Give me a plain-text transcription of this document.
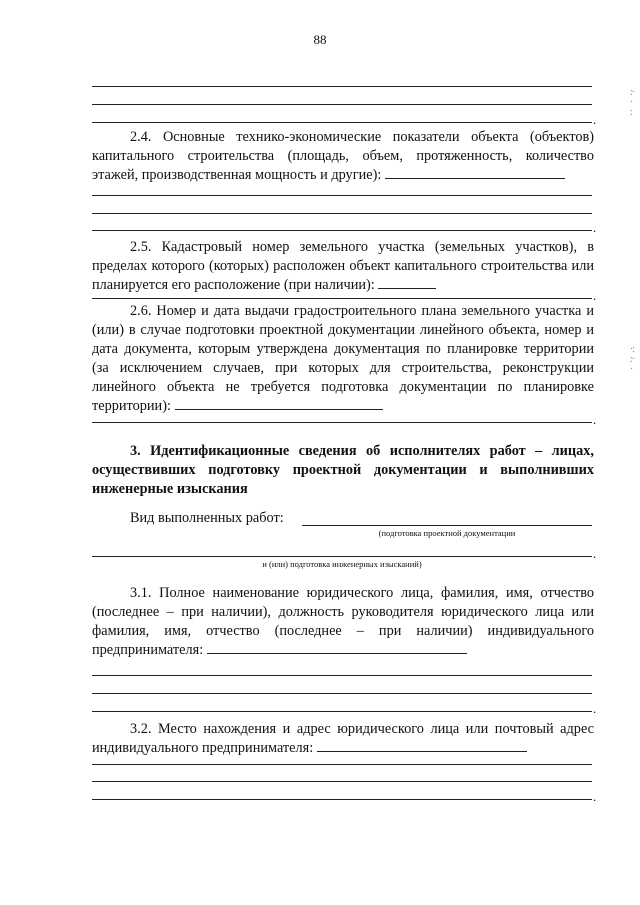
88
.
2.4. Основные технико-экономические показатели объекта (объектов) капитального строительства (площадь, объем, протяженность, количество этажей, производственная мощность и другие):
.
2.5. Кадастровый номер земельного участка (земельных участков), в пределах которого (которых) расположен объект капитального строительства или планируется его расположение (при наличии):
.
2.6. Номер и дата выдачи градостроительного плана земельного участка и (или) в случае подготовки проектной документации линейного объекта, номер и дата документа, которым утверждена документация по планировке территории (за исключением случаев, при которых для строительства, реконструкции линейного объекта не требуется подготовка документации по планировке территории):
.
3. Идентификационные сведения об исполнителях работ – лицах, осуществивших подготовку проектной документации и выполнивших инженерные изыскания
Вид выполненных работ:
(подготовка проектной документации
.
и (или) подготовка инженерных изысканий)
3.1. Полное наименование юридического лица, фамилия, имя, отчество (последнее – при наличии), должность руководителя юридического лица или фамилия, имя, отчество (последнее – при наличии) индивидуального предпринимателя:
.
3.2. Место нахождения и адрес юридического лица или почтовый адрес индивидуального предпринимателя:
.
:·
·
:
·:
:·
·
